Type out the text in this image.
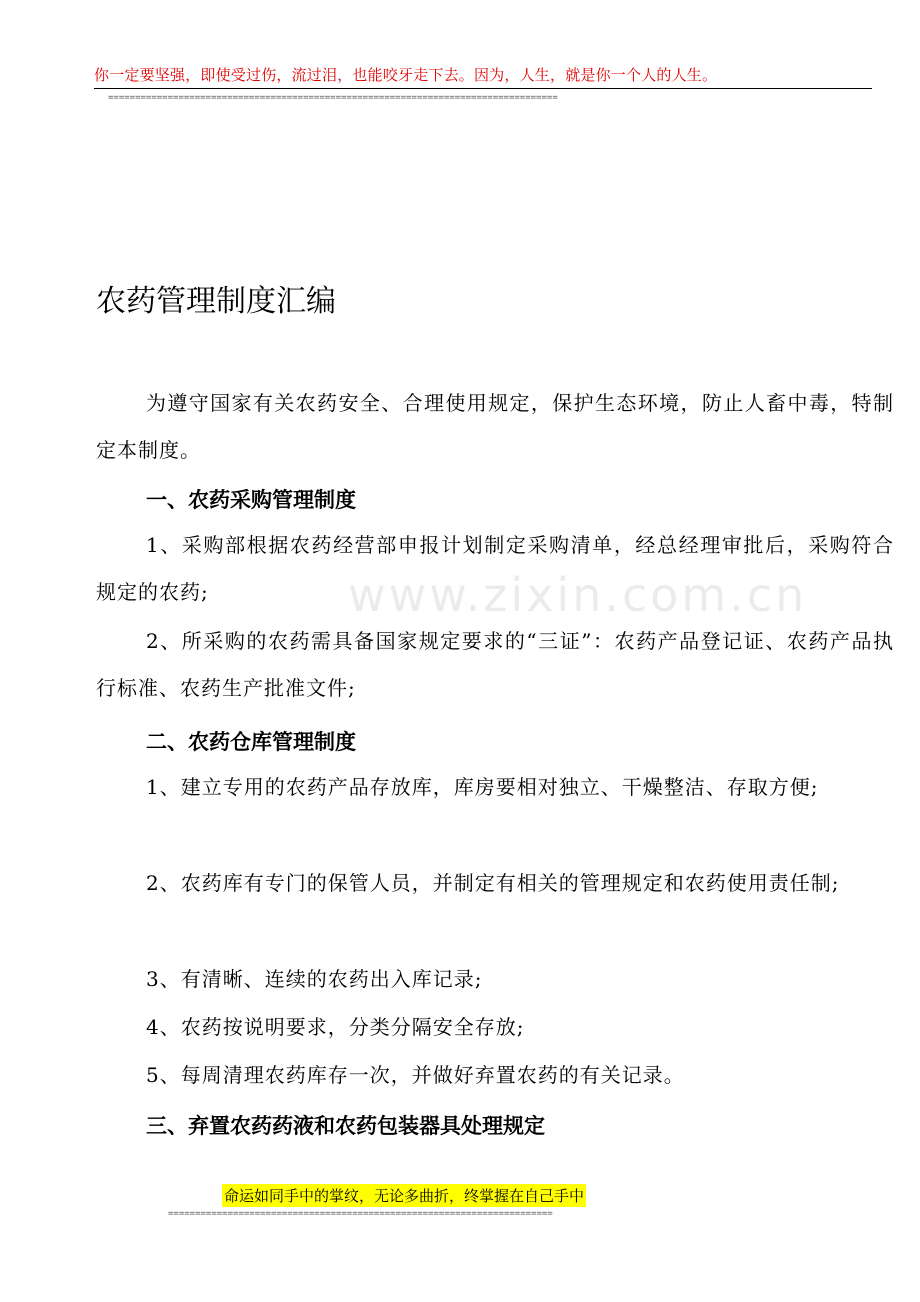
你一定要坚强，即使受过伤，流过泪，也能咬牙走下去。因为，人生，就是你一个人的人生。
===================================================================================
www.zixin.com.cn
农药管理制度汇编

为遵守国家有关农药安全、合理使用规定，保护生态环境，防止人畜中毒，特制定本制度。

一、农药采购管理制度

1、采购部根据农药经营部申报计划制定采购清单，经总经理审批后，采购符合规定的农药;

2、所采购的农药需具备国家规定要求的“三证”：农药产品登记证、农药产品执行标准、农药生产批准文件;

二、农药仓库管理制度

1、建立专用的农药产品存放库，库房要相对独立、干燥整洁、存取方便;

2、农药库有专门的保管人员，并制定有相关的管理规定和农药使用责任制;

3、有清晰、连续的农药出入库记录;

4、农药按说明要求，分类分隔安全存放;

5、每周清理农药库存一次，并做好弃置农药的有关记录。

三、弃置农药药液和农药包装器具处理规定
命运如同手中的掌纹，无论多曲折，终掌握在自己手中
=======================================================================
